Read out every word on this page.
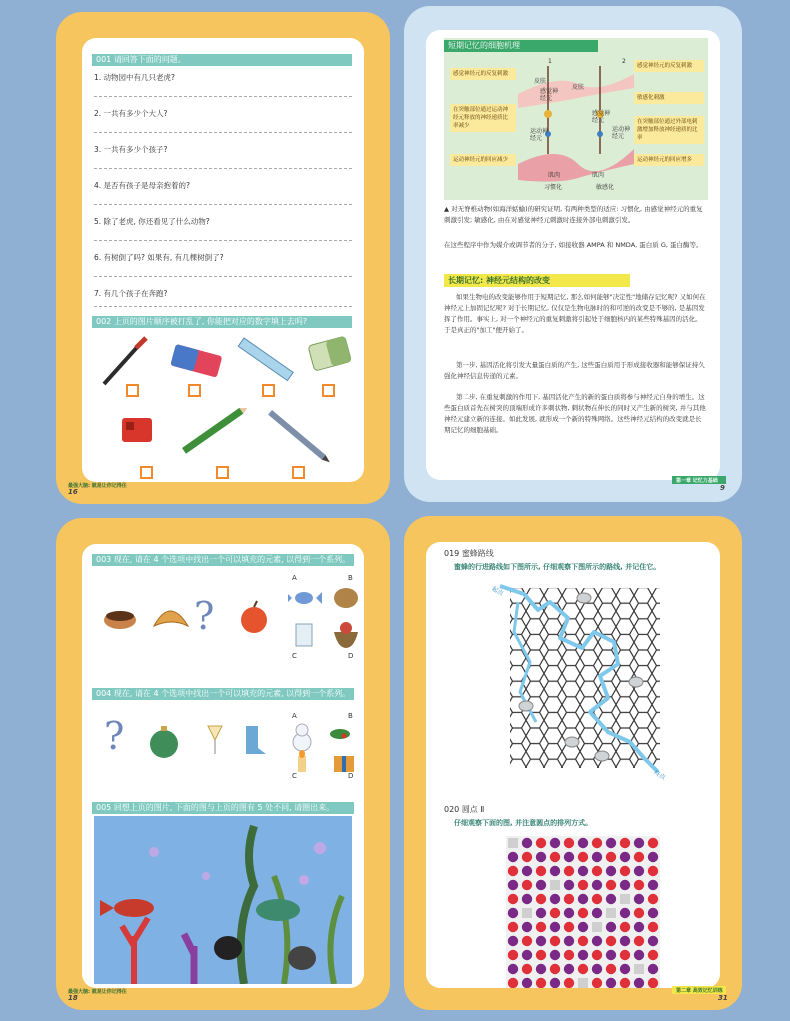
001 请回答下面的问题。
1. 动物园中有几只老虎?
2. 一共有多少个大人?
3. 一共有多少个孩子?
4. 是否有孩子是母亲抱着的?
5. 除了老虎, 你还看见了什么动物?
6. 有树倒了吗? 如果有, 有几棵树倒了?
7. 有几个孩子在奔跑?
002 上页的图片顺序被打乱了, 你能把对应的数字填上去吗?
最强大脑: 就是让你记得住
16
短期记忆的细胞机理
感觉神经元的反复刺激
在突触部位通过运动神经元释放的神经递质比率减少
运动神经元的回应减少
感觉神经元的反复刺激
敏感化刺激
在突触部位通过外部电刺激增加释放神经递质的比率
运动神经元的回应增多
1	2
皮肤
皮肤
感觉神经元
感觉神经元
运动神经元
运动神经元
肌肉	肌肉
习惯化	敏感化
▲ 对无脊椎动物(如海洋蛞蝓)的研究证明, 有两种类型的适应: 习惯化, 由感觉神经元的重复刺激引发; 敏感化, 由在对感觉神经元刺激时连接外部电刺激引发。
在这些程序中作为媒介或调节者的分子, 如接收器 AMPA 和 NMDA, 蛋白质 G, 蛋白酶等。
长期记忆: 神经元结构的改变
如果生物电的改变能够作用于短期记忆, 那么如何能够"决定性"地储存记忆呢? 又如何在神经元上加固记忆呢? 对于长期记忆, 仅仅是生物电脉时的和可逆的改变是不够的, 是基因发挥了作用。事实上, 对一个神经元的重复刺激将引起处于细胞核内的某些特殊基因的活化。于是真正的"加工"便开始了。
第一步, 基因活化将引发大量蛋白质的产生, 这些蛋白质用于形成接收器和能够保证持久强化神经信息传递的元素。
第二步, 在重复刺激的作用下, 基因活化产生的新的蛋白质将参与神经元自身的增生。这些蛋白质首先在树突的顶端形成许多刺状物, 刺状物在伸长的同时又产生新的树突, 并与其他神经元建立新的连接。如此发展, 就形成一个新的特殊网络。这些神经元结构的改变就是长期记忆的细胞基础。
第一章 记忆力基础
9
003 现在, 请在 4 个选项中找出一个可以填充的元素, 以得到一个系列。
?
A	B
C	D
004 现在, 请在 4 个选项中找出一个可以填充的元素, 以得到一个系列。
?	A	B
C	D
005 回想上页的图片, 下面的图与上页的图有 5 处不同, 请圈出来。
最强大脑: 就是让你记得住
18
019 蜜蜂路线
蜜蜂的行进路线如下图所示, 仔细观察下图所示的路线, 并记住它。
起点
终点
020 圆点 Ⅱ
仔细观察下面的图, 并注意圆点的排列方式。
第二章 高效记忆训练
31
